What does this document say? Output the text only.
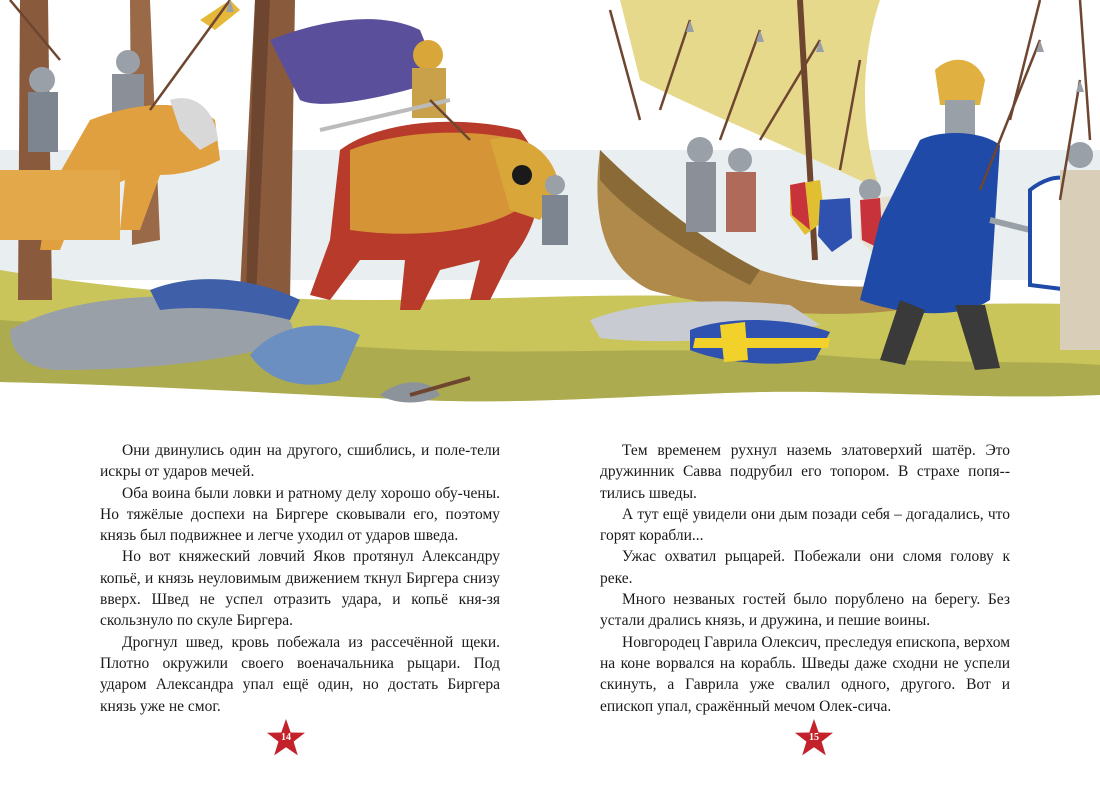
Они двинулись один на другого, сшиблись, и поле-тели искры от ударов мечей.

Оба воина были ловки и ратному делу хорошо обу-чены. Но тяжёлые доспехи на Биргере сковывали его, поэтому князь был подвижнее и легче уходил от ударов шведа.

Но вот княжеский ловчий Яков протянул Александру копьё, и князь неуловимым движением ткнул Биргера снизу вверх. Швед не успел отразить удара, и копьё кня-зя скользнуло по скуле Биргера.

Дрогнул швед, кровь побежала из рассечённой щеки. Плотно окружили своего военачальника рыцари. Под ударом Александра упал ещё один, но достать Биргера князь уже не смог.

Тем временем рухнул наземь златоверхий шатёр. Это дружинник Савва подрубил его топором. В страхе попя-тились шведы.

А тут ещё увидели они дым позади себя – догадались, что горят корабли...

Ужас охватил рыцарей. Побежали они сломя голову к реке.

Много незваных гостей было порублено на берегу. Без устали дрались князь, и дружина, и пешие воины.

Новгородец Гаврила Олексич, преследуя епископа, верхом на коне ворвался на корабль. Шведы даже сходни не успели скинуть, а Гаврила уже свалил одного, другого. Вот и епископ упал, сражённый мечом Олек-сича.

14	15
